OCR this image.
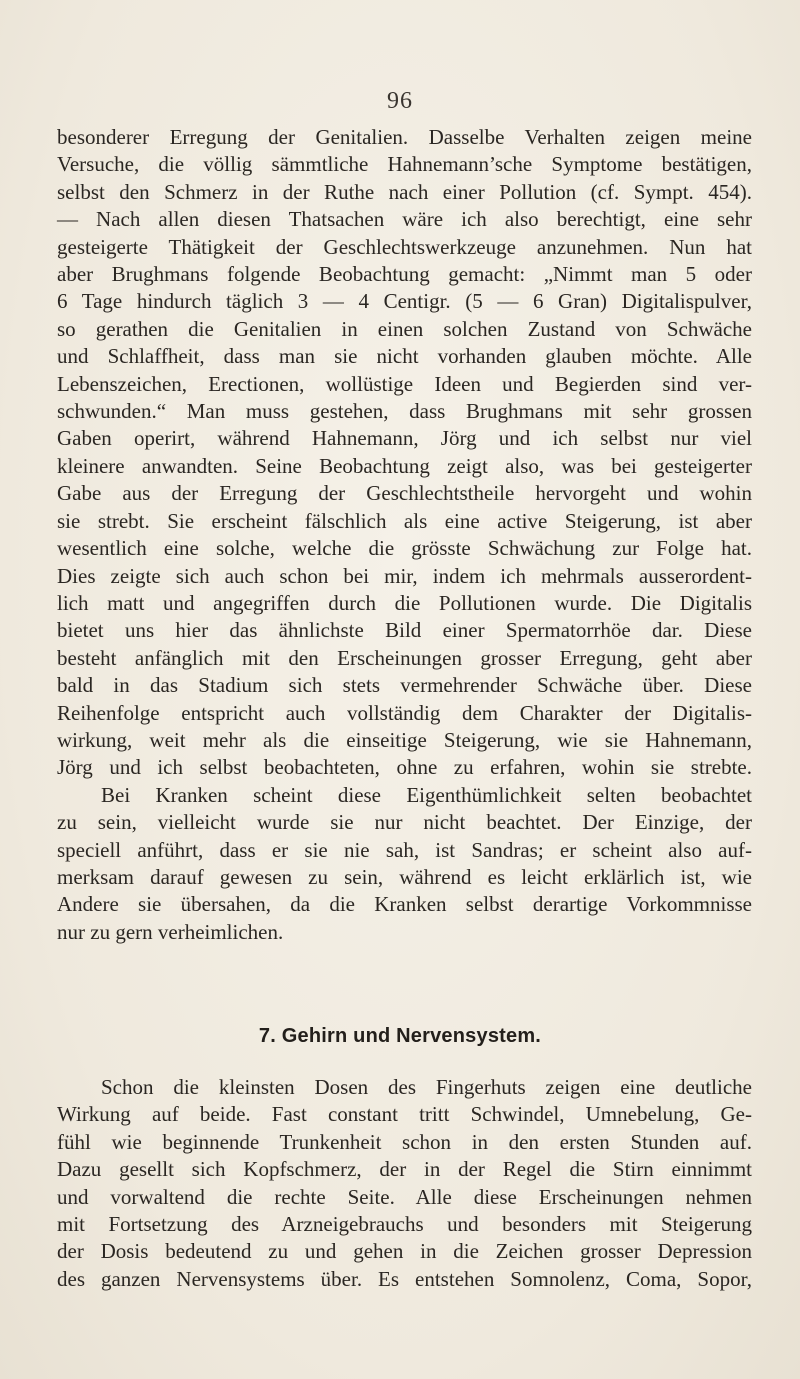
96
besonderer Erregung der Genitalien. Dasselbe Verhalten zeigen meine
Versuche, die völlig sämmtliche Hahnemann’sche Symptome bestätigen,
selbst den Schmerz in der Ruthe nach einer Pollution (cf. Sympt. 454).
— Nach allen diesen Thatsachen wäre ich also berechtigt, eine sehr
gesteigerte Thätigkeit der Geschlechtswerkzeuge anzunehmen. Nun hat
aber Brughmans folgende Beobachtung gemacht: „Nimmt man 5 oder
6 Tage hindurch täglich 3 — 4 Centigr. (5 — 6 Gran) Digitalispulver,
so gerathen die Genitalien in einen solchen Zustand von Schwäche
und Schlaffheit, dass man sie nicht vorhanden glauben möchte. Alle
Lebenszeichen, Erectionen, wollüstige Ideen und Begierden sind ver-
schwunden.“ Man muss gestehen, dass Brughmans mit sehr grossen
Gaben operirt, während Hahnemann, Jörg und ich selbst nur viel
kleinere anwandten. Seine Beobachtung zeigt also, was bei gesteigerter
Gabe aus der Erregung der Geschlechtstheile hervorgeht und wohin
sie strebt. Sie erscheint fälschlich als eine active Steigerung, ist aber
wesentlich eine solche, welche die grösste Schwächung zur Folge hat.
Dies zeigte sich auch schon bei mir, indem ich mehrmals ausserordent-
lich matt und angegriffen durch die Pollutionen wurde. Die Digitalis
bietet uns hier das ähnlichste Bild einer Spermatorrhöe dar. Diese
besteht anfänglich mit den Erscheinungen grosser Erregung, geht aber
bald in das Stadium sich stets vermehrender Schwäche über. Diese
Reihenfolge entspricht auch vollständig dem Charakter der Digitalis-
wirkung, weit mehr als die einseitige Steigerung, wie sie Hahnemann,
Jörg und ich selbst beobachteten, ohne zu erfahren, wohin sie strebte.
Bei Kranken scheint diese Eigenthümlichkeit selten beobachtet
zu sein, vielleicht wurde sie nur nicht beachtet. Der Einzige, der
speciell anführt, dass er sie nie sah, ist Sandras; er scheint also auf-
merksam darauf gewesen zu sein, während es leicht erklärlich ist, wie
Andere sie übersahen, da die Kranken selbst derartige Vorkommnisse
nur zu gern verheimlichen.
7. Gehirn und Nervensystem.
Schon die kleinsten Dosen des Fingerhuts zeigen eine deutliche
Wirkung auf beide. Fast constant tritt Schwindel, Umnebelung, Ge-
fühl wie beginnende Trunkenheit schon in den ersten Stunden auf.
Dazu gesellt sich Kopfschmerz, der in der Regel die Stirn einnimmt
und vorwaltend die rechte Seite. Alle diese Erscheinungen nehmen
mit Fortsetzung des Arzneigebrauchs und besonders mit Steigerung
der Dosis bedeutend zu und gehen in die Zeichen grosser Depression
des ganzen Nervensystems über. Es entstehen Somnolenz, Coma, Sopor,
